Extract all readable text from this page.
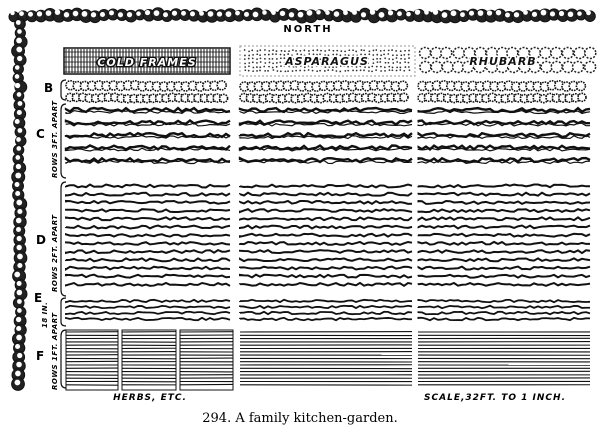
NORTH
COLD FRAMES	ASPARAGUS	RHUBARB
B
C
D
E
F
ROWS 3FT. APART
ROWS 2FT. APART
18 IN. ROWS 1FT. APART
HERBS, ETC.	SCALE,32FT. TO 1 INCH.
294. A family kitchen-garden.
